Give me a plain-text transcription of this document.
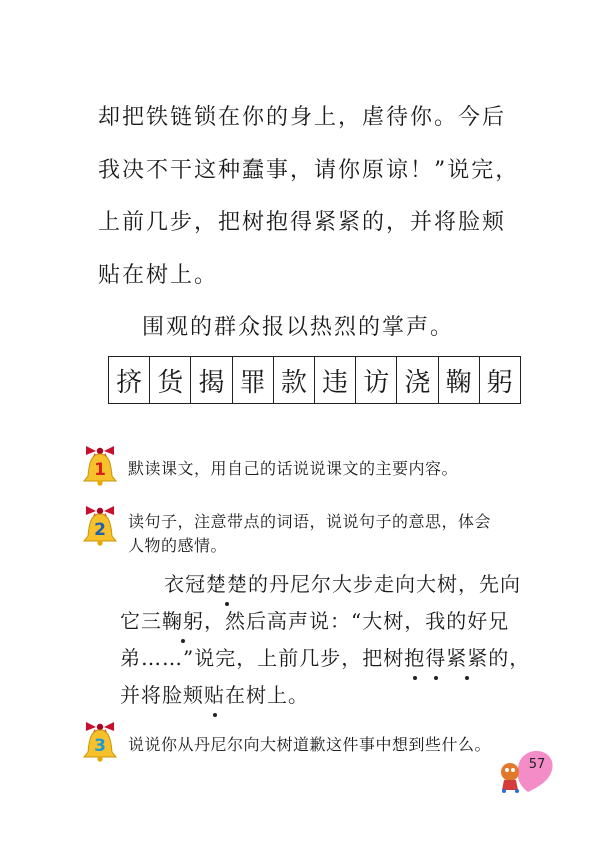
却把铁链锁在你的身上，虐待你。今后

我决不干这种蠢事，请你原谅！”说完，

上前几步，把树抱得紧紧的，并将脸颊

贴在树上。

围观的群众报以热烈的掌声。

挤 货 揭 罪 款 违 访 浇 鞠 躬
1 默读课文，用自己的话说说课文的主要内容。
2 读句子，注意带点的词语，说说句子的意思，体会
人物的感情。

衣冠楚楚的丹尼尔大步走向大树，先向

它三鞠躬，然后高声说：“大树，我的好兄

弟……”说完，上前几步，把树抱得紧紧的，

并将脸颊贴在树上。

3 说说你从丹尼尔向大树道歉这件事中想到些什么。
57
